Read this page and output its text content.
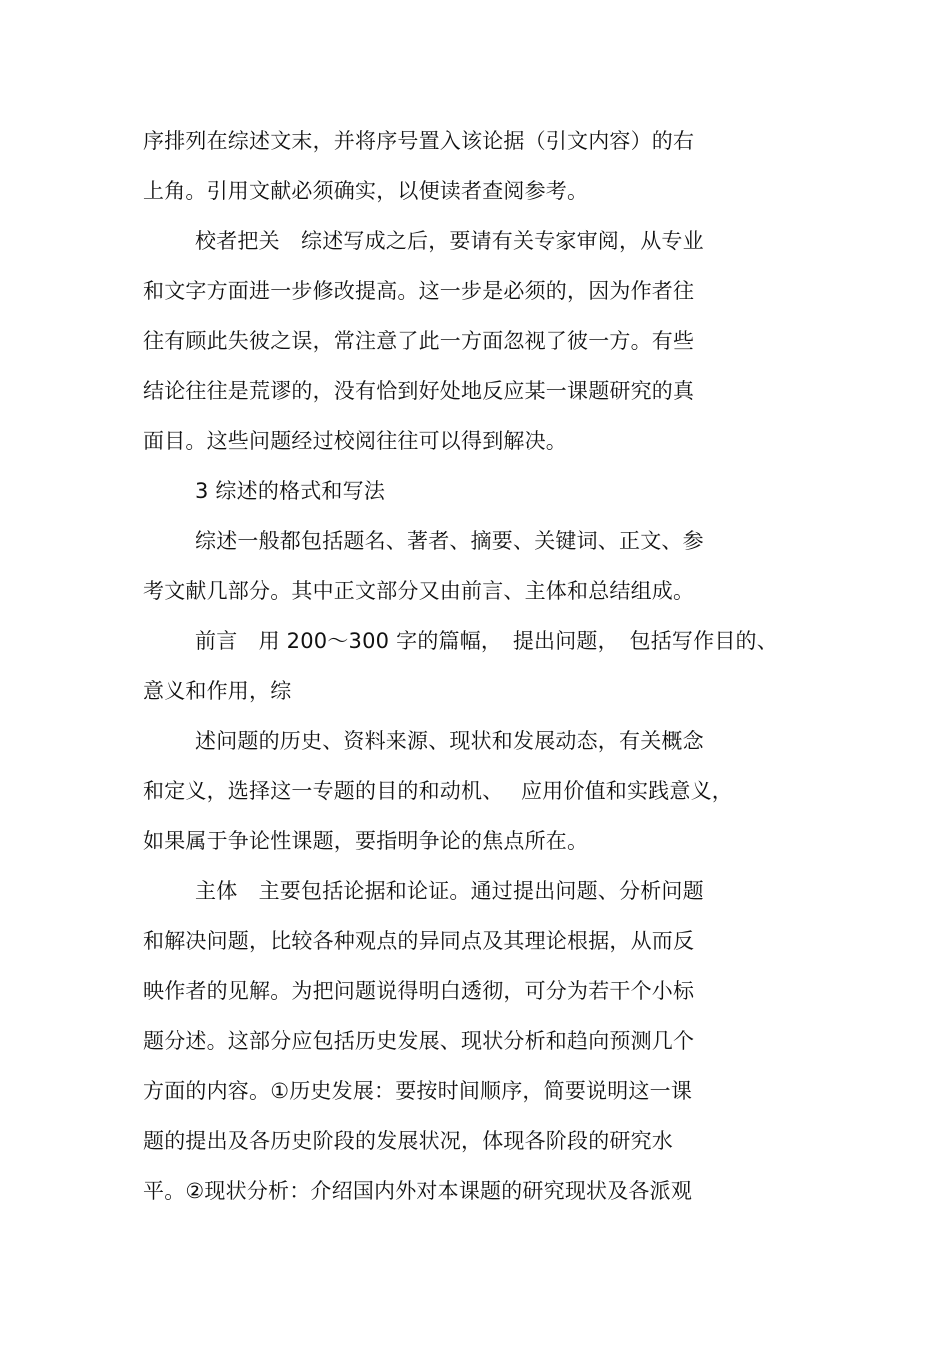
序排列在综述文末，并将序号置入该论据（引文内容）的右
上角。引用文献必须确实，以便读者查阅参考。
校者把关　综述写成之后，要请有关专家审阅，从专业
和文字方面进一步修改提高。这一步是必须的，因为作者往
往有顾此失彼之误，常注意了此一方面忽视了彼一方。有些
结论往往是荒谬的，没有恰到好处地反应某一课题研究的真
面目。这些问题经过校阅往往可以得到解决。
3 综述的格式和写法
综述一般都包括题名、著者、摘要、关键词、正文、参
考文献几部分。其中正文部分又由前言、主体和总结组成。
前言　用 200～300 字的篇幅，　提出问题，　包括写作目的、
意义和作用，综
述问题的历史、资料来源、现状和发展动态，有关概念
和定义，选择这一专题的目的和动机、　 应用价值和实践意义，
如果属于争论性课题，要指明争论的焦点所在。
主体　主要包括论据和论证。通过提出问题、分析问题
和解决问题，比较各种观点的异同点及其理论根据，从而反
映作者的见解。为把问题说得明白透彻，可分为若干个小标
题分述。这部分应包括历史发展、现状分析和趋向预测几个
方面的内容。①历史发展：要按时间顺序，简要说明这一课
题的提出及各历史阶段的发展状况，体现各阶段的研究水
平。②现状分析：介绍国内外对本课题的研究现状及各派观
